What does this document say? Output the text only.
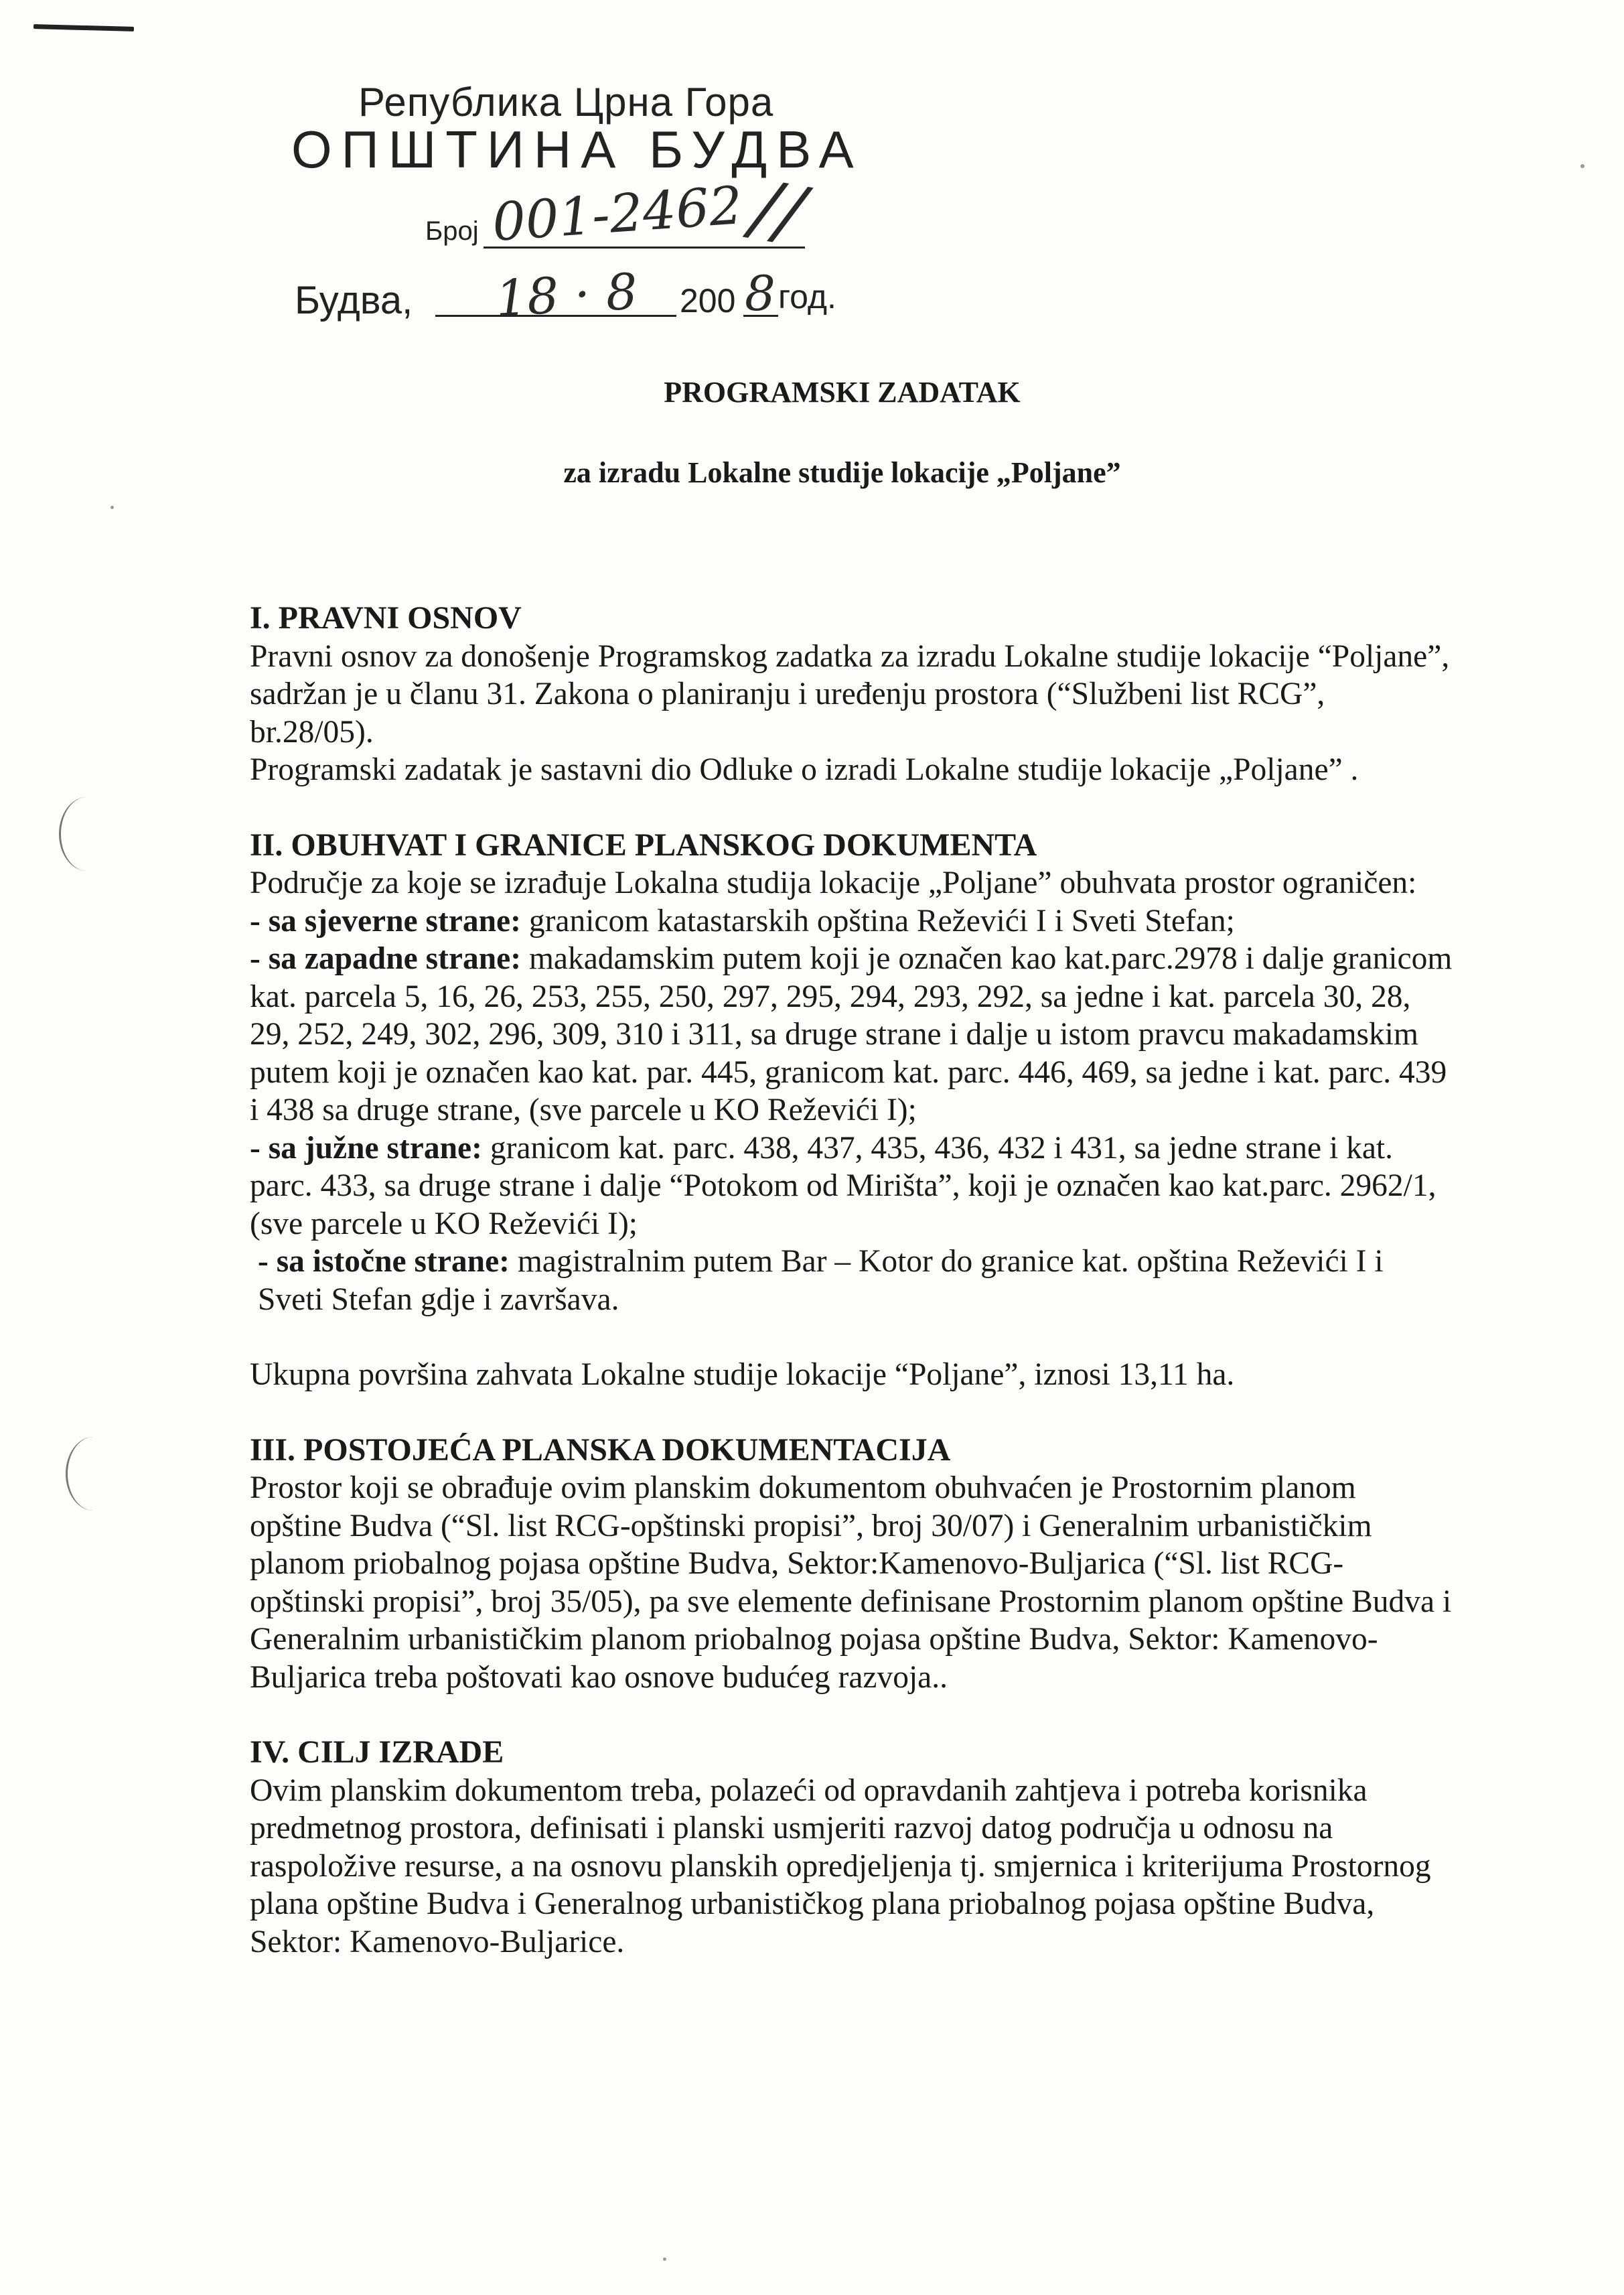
Република Црна Гора
ОПШТИНА БУДВА
Број 001-2462 //
Будва, 18 · 8 200 8 год.
PROGRAMSKI ZADATAK
za izradu Lokalne studije lokacije „Poljane”
I. PRAVNI OSNOV

Pravni osnov za donošenje Programskog zadatka za izradu Lokalne studije lokacije “Poljane”, sadržan je u članu 31. Zakona o planiranju i uređenju prostora (“Službeni list RCG”, br.28/05).

Programski zadatak je sastavni dio Odluke o izradi Lokalne studije lokacije „Poljane” .

II. OBUHVAT I GRANICE PLANSKOG DOKUMENTA

Područje za koje se izrađuje Lokalna studija lokacije „Poljane” obuhvata prostor ograničen:

- sa sjeverne strane: granicom katastarskih opština Reževići I i Sveti Stefan;

- sa zapadne strane: makadamskim putem koji je označen kao kat.parc.2978 i dalje granicom kat. parcela 5, 16, 26, 253, 255, 250, 297, 295, 294, 293, 292, sa jedne i kat. parcela 30, 28, 29, 252, 249, 302, 296, 309, 310 i 311, sa druge strane i dalje u istom pravcu makadamskim putem koji je označen kao kat. par. 445, granicom kat. parc. 446, 469, sa jedne i kat. parc. 439 i 438 sa druge strane, (sve parcele u KO Reževići I);

- sa južne strane: granicom kat. parc. 438, 437, 435, 436, 432 i 431, sa jedne strane i kat. parc. 433, sa druge strane i dalje “Potokom od Mirišta”, koji je označen kao kat.parc. 2962/1, (sve parcele u KO Reževići I);

- sa istočne strane: magistralnim putem Bar – Kotor do granice kat. opština Reževići I i Sveti Stefan gdje i završava.

Ukupna površina zahvata Lokalne studije lokacije “Poljane”, iznosi 13,11 ha.

III. POSTOJEĆA PLANSKA DOKUMENTACIJA

Prostor koji se obrađuje ovim planskim dokumentom obuhvaćen je Prostornim planom opštine Budva (“Sl. list RCG-opštinski propisi”, broj 30/07) i Generalnim urbanističkim planom priobalnog pojasa opštine Budva, Sektor:Kamenovo-Buljarica (“Sl. list RCG-opštinski propisi”, broj 35/05), pa sve elemente definisane Prostornim planom opštine Budva i Generalnim urbanističkim planom priobalnog pojasa opštine Budva, Sektor: Kamenovo-Buljarica treba poštovati kao osnove budućeg razvoja..

IV. CILJ IZRADE

Ovim planskim dokumentom treba, polazeći od opravdanih zahtjeva i potreba korisnika predmetnog prostora, definisati i planski usmjeriti razvoj datog područja u odnosu na raspoložive resurse, a na osnovu planskih opredjeljenja tj. smjernica i kriterijuma Prostornog plana opštine Budva i Generalnog urbanističkog plana priobalnog pojasa opštine Budva, Sektor: Kamenovo-Buljarice.
